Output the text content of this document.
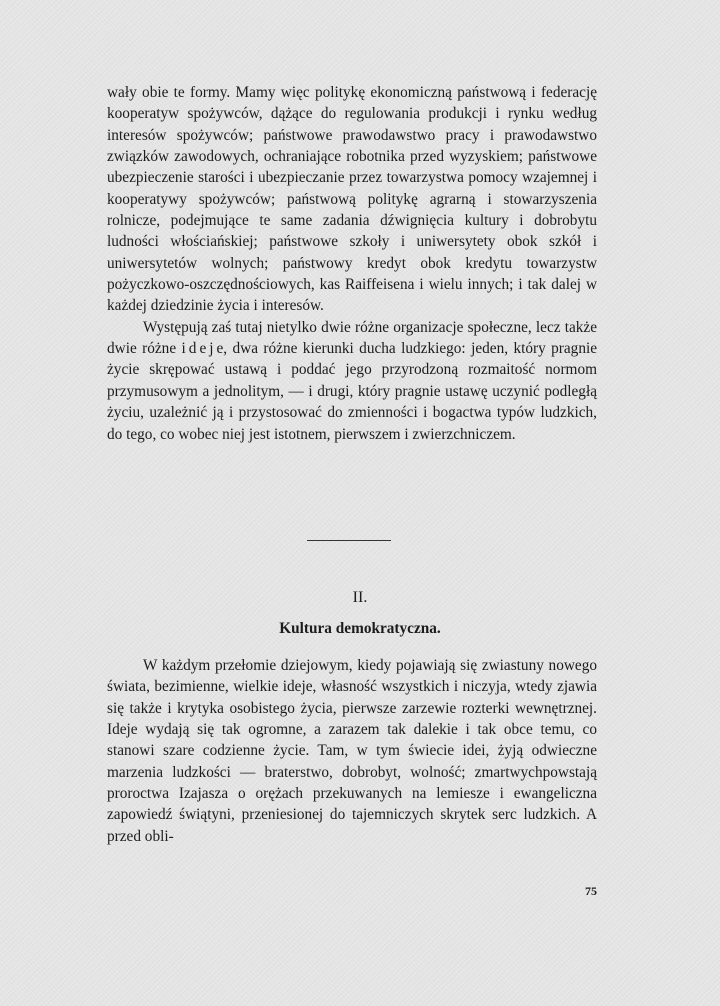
wały obie te formy. Mamy więc politykę ekonomiczną państwową i federację kooperatyw spożywców, dążące do regulowania produkcji i rynku według interesów spożywców; państwowe prawodawstwo pracy i prawodawstwo związków zawodowych, ochraniające robotnika przed wyzyskiem; państwowe ubezpieczenie starości i ubezpieczanie przez towarzystwa pomocy wzajemnej i kooperatywy spożywców; państwową politykę agrarną i stowarzyszenia rolnicze, podejmujące te same zadania dźwignięcia kultury i dobrobytu ludności włościańskiej; państwowe szkoły i uniwersytety obok szkół i uniwersytetów wolnych; państwowy kredyt obok kredytu towarzystw pożyczkowo-oszczędnościowych, kas Raiffeisena i wielu innych; i tak dalej w każdej dziedzinie życia i interesów.

Występują zaś tutaj nietylko dwie różne organizacje społeczne, lecz także dwie różne ideje, dwa różne kierunki ducha ludzkiego: jeden, który pragnie życie skrępować ustawą i poddać jego przyrodzoną rozmaitość normom przymusowym a jednolitym, — i drugi, który pragnie ustawę uczynić podległą życiu, uzależnić ją i przystosować do zmienności i bogactwa typów ludzkich, do tego, co wobec niej jest istotnem, pierwszem i zwierzchniczem.

II.
Kultura demokratyczna.

W każdym przełomie dziejowym, kiedy pojawiają się zwiastuny nowego świata, bezimienne, wielkie ideje, własność wszystkich i niczyja, wtedy zjawia się także i krytyka osobistego życia, pierwsze zarzewie rozterki wewnętrznej. Ideje wydają się tak ogromne, a zarazem tak dalekie i tak obce temu, co stanowi szare codzienne życie. Tam, w tym świecie idei, żyją odwieczne marzenia ludzkości — braterstwo, dobrobyt, wolność; zmartwychpowstają proroctwa Izajasza o orężach przekuwanych na lemiesze i ewangeliczna zapowiedź świątyni, przeniesionej do tajemniczych skrytek serc ludzkich. A przed obli-

75
